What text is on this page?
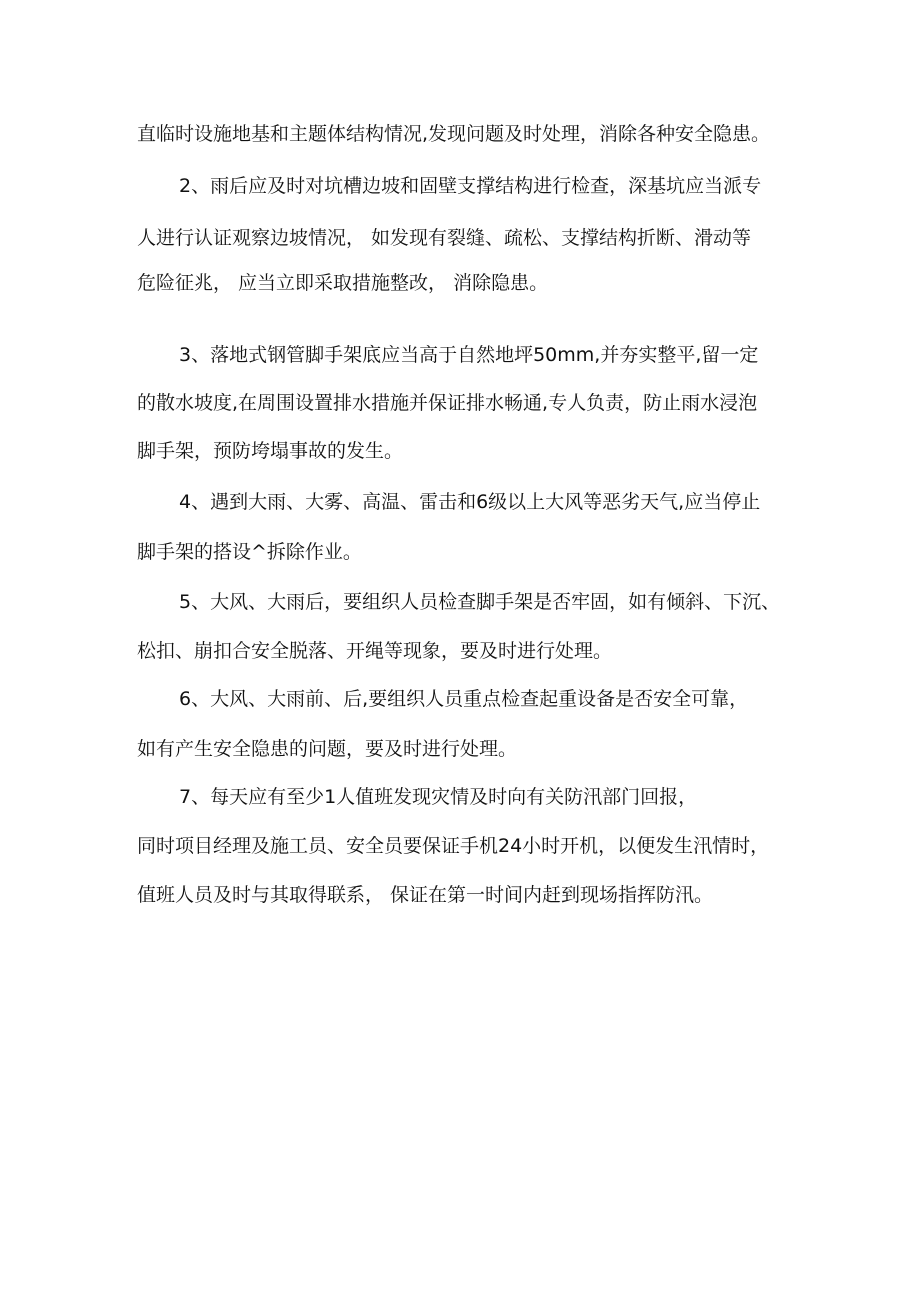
直临时设施地基和主题体结构情况,发现问题及时处理，消除各种安全隐患。
2、雨后应及时对坑槽边坡和固壁支撑结构进行检查，深基坑应当派专
人进行认证观察边坡情况， 如发现有裂缝、疏松、支撑结构折断、滑动等
危险征兆， 应当立即采取措施整改， 消除隐患。
3、落地式钢管脚手架底应当高于自然地坪50mm,并夯实整平,留一定
的散水坡度,在周围设置排水措施并保证排水畅通,专人负责，防止雨水浸泡
脚手架，预防垮塌事故的发生。
4、遇到大雨、大雾、高温、雷击和6级以上大风等恶劣天气,应当停止
脚手架的搭设^拆除作业。
5、大风、大雨后，要组织人员检查脚手架是否牢固，如有倾斜、下沉、
松扣、崩扣合安全脱落、开绳等现象，要及时进行处理。
6、大风、大雨前、后,要组织人员重点检查起重设备是否安全可靠，
如有产生安全隐患的问题，要及时进行处理。
7、每天应有至少1人值班发现灾情及时向有关防汛部门回报，
同时项目经理及施工员、安全员要保证手机24小时开机，以便发生汛情时，
值班人员及时与其取得联系， 保证在第一时间内赶到现场指挥防汛。
